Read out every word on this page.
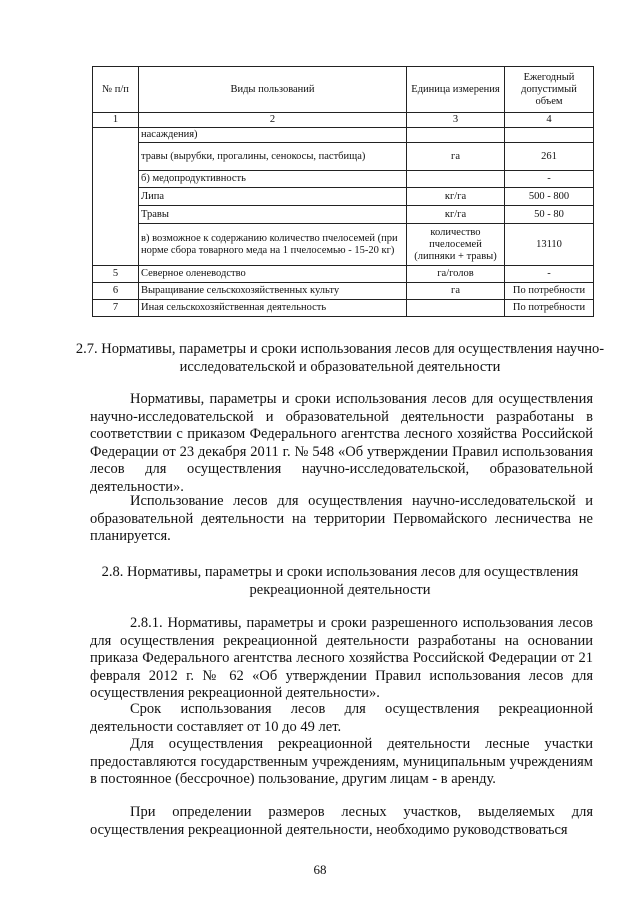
№ п/п	Виды пользований	Единица измерения	Ежегодный допустимый объем
1	2	3	4
	насаждения)		
	травы (вырубки, прогалины, сенокосы, пастбища)	га	261
	б) медопродуктивность		-
	Липа	кг/га	500 - 800
	Травы	кг/га	50 - 80
	в) возможное к содержанию количество пчелосемей (при норме сбора товарного меда на 1 пчелосемью - 15-20 кг)	количество пчелосемей (липняки + травы)	13110
5	Северное оленеводство	га/голов	-
6	Выращивание сельскохозяйственных культу	га	По потребности
7	Иная сельскохозяйственная деятельность		По потребности
2.7. Нормативы, параметры и сроки использования лесов для осуществления научно-исследовательской и образовательной деятельности
Нормативы, параметры и сроки использования лесов для осуществления научно-исследовательской и образовательной деятельности разработаны в соответствии с приказом Федерального агентства лесного хозяйства Российской Федерации от 23 декабря 2011 г. № 548 «Об утверждении Правил использования лесов для осуществления научно-исследовательской, образовательной деятельности».
Использование лесов для осуществления научно-исследовательской и образовательной деятельности на территории Первомайского лесничества не планируется.
2.8. Нормативы, параметры и сроки использования лесов для осуществления рекреационной деятельности
2.8.1. Нормативы, параметры и сроки разрешенного использования лесов для осуществления рекреационной деятельности разработаны на основании приказа Федерального агентства лесного хозяйства Российской Федерации от 21 февраля 2012 г. № 62 «Об утверждении Правил использования лесов для осуществления рекреационной деятельности».
Срок использования лесов для осуществления рекреационной деятельности составляет от 10 до 49 лет.
Для осуществления рекреационной деятельности лесные участки предоставляются государственным учреждениям, муниципальным учреждениям в постоянное (бессрочное) пользование, другим лицам - в аренду.
При определении размеров лесных участков, выделяемых для осуществления рекреационной деятельности, необходимо руководствоваться
68
